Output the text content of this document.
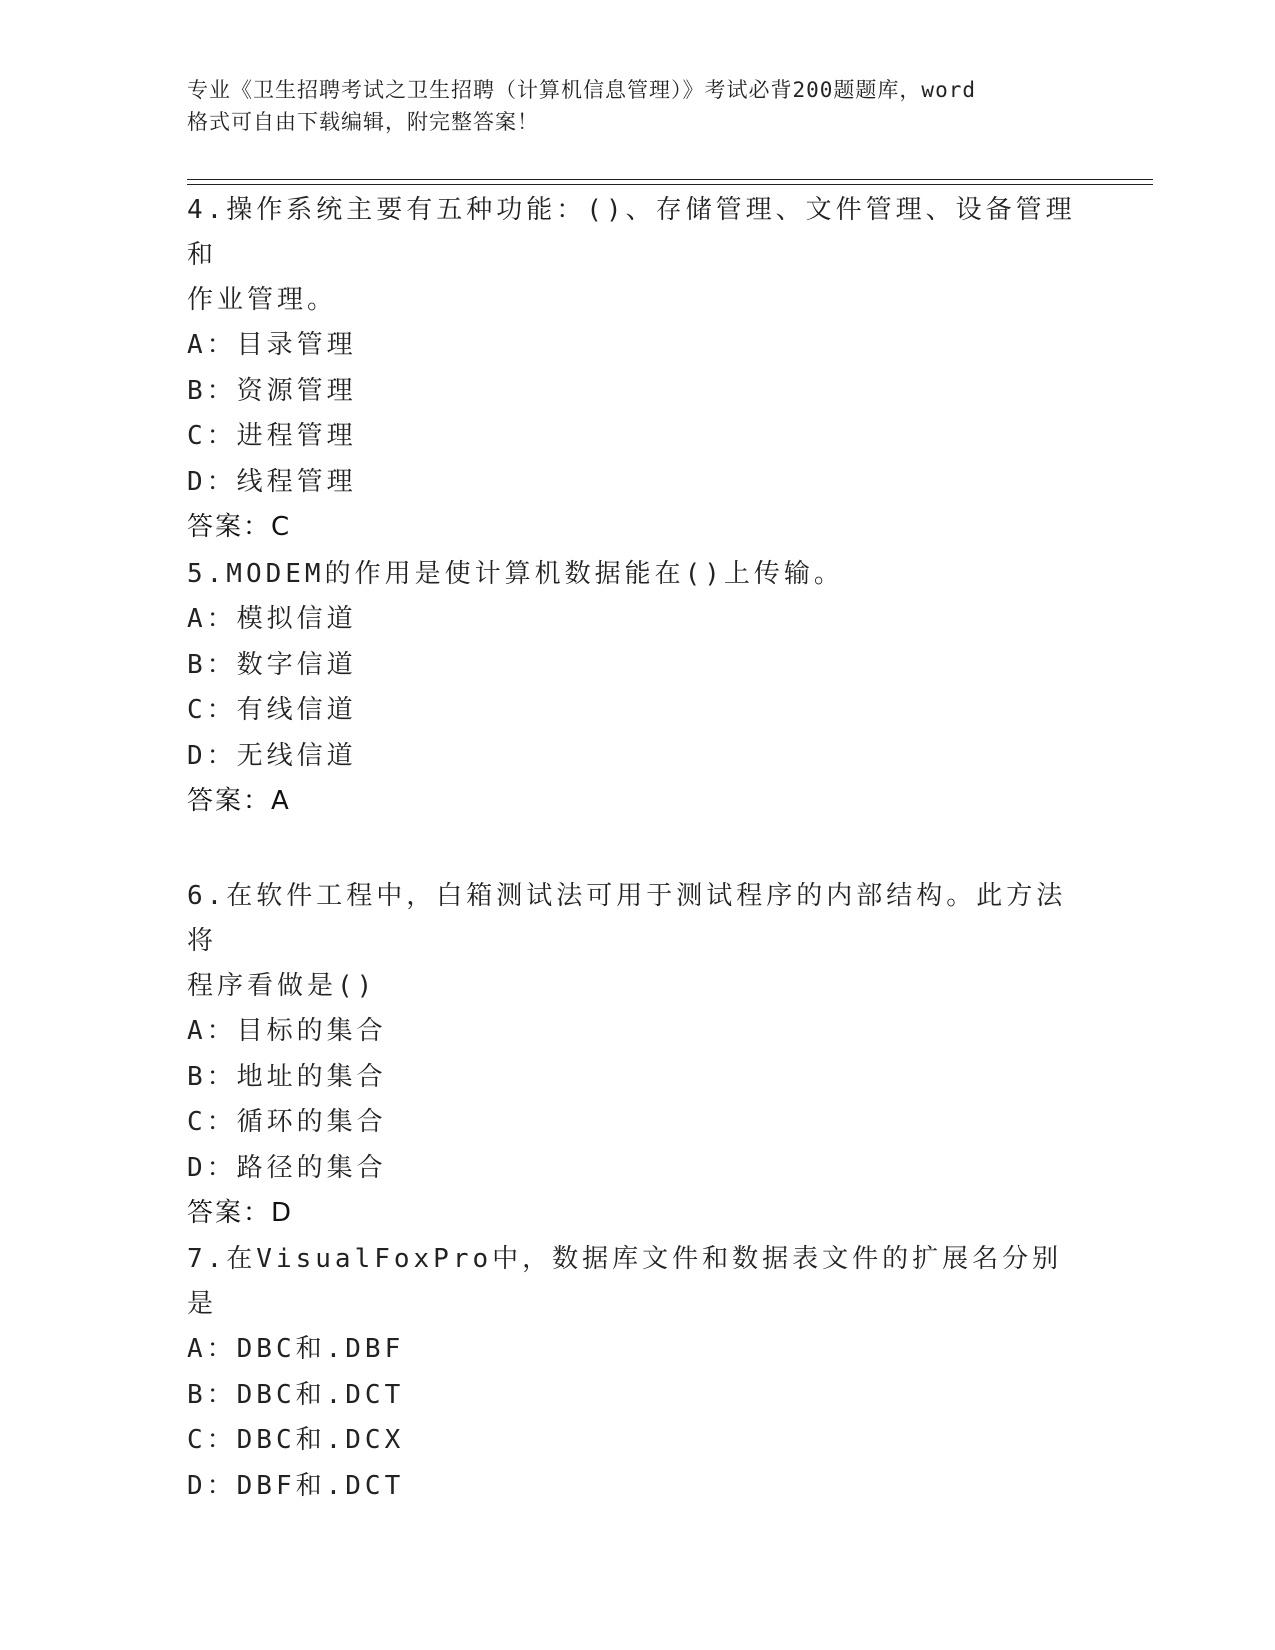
专业《卫生招聘考试之卫生招聘（计算机信息管理）》考试必背200题题库，word
格式可自由下载编辑，附完整答案！
4.操作系统主要有五种功能：()、存储管理、文件管理、设备管理和
作业管理。
A：目录管理
B：资源管理
C：进程管理
D：线程管理
答案：C
5.MODEM的作用是使计算机数据能在()上传输。
A：模拟信道
B：数字信道
C：有线信道
D：无线信道
答案：A
6.在软件工程中，白箱测试法可用于测试程序的内部结构。此方法将
程序看做是()
A：目标的集合
B：地址的集合
C：循环的集合
D：路径的集合
答案：D
7.在VisualFoxPro中，数据库文件和数据表文件的扩展名分别是
A：DBC和.DBF
B：DBC和.DCT
C：DBC和.DCX
D：DBF和.DCT
